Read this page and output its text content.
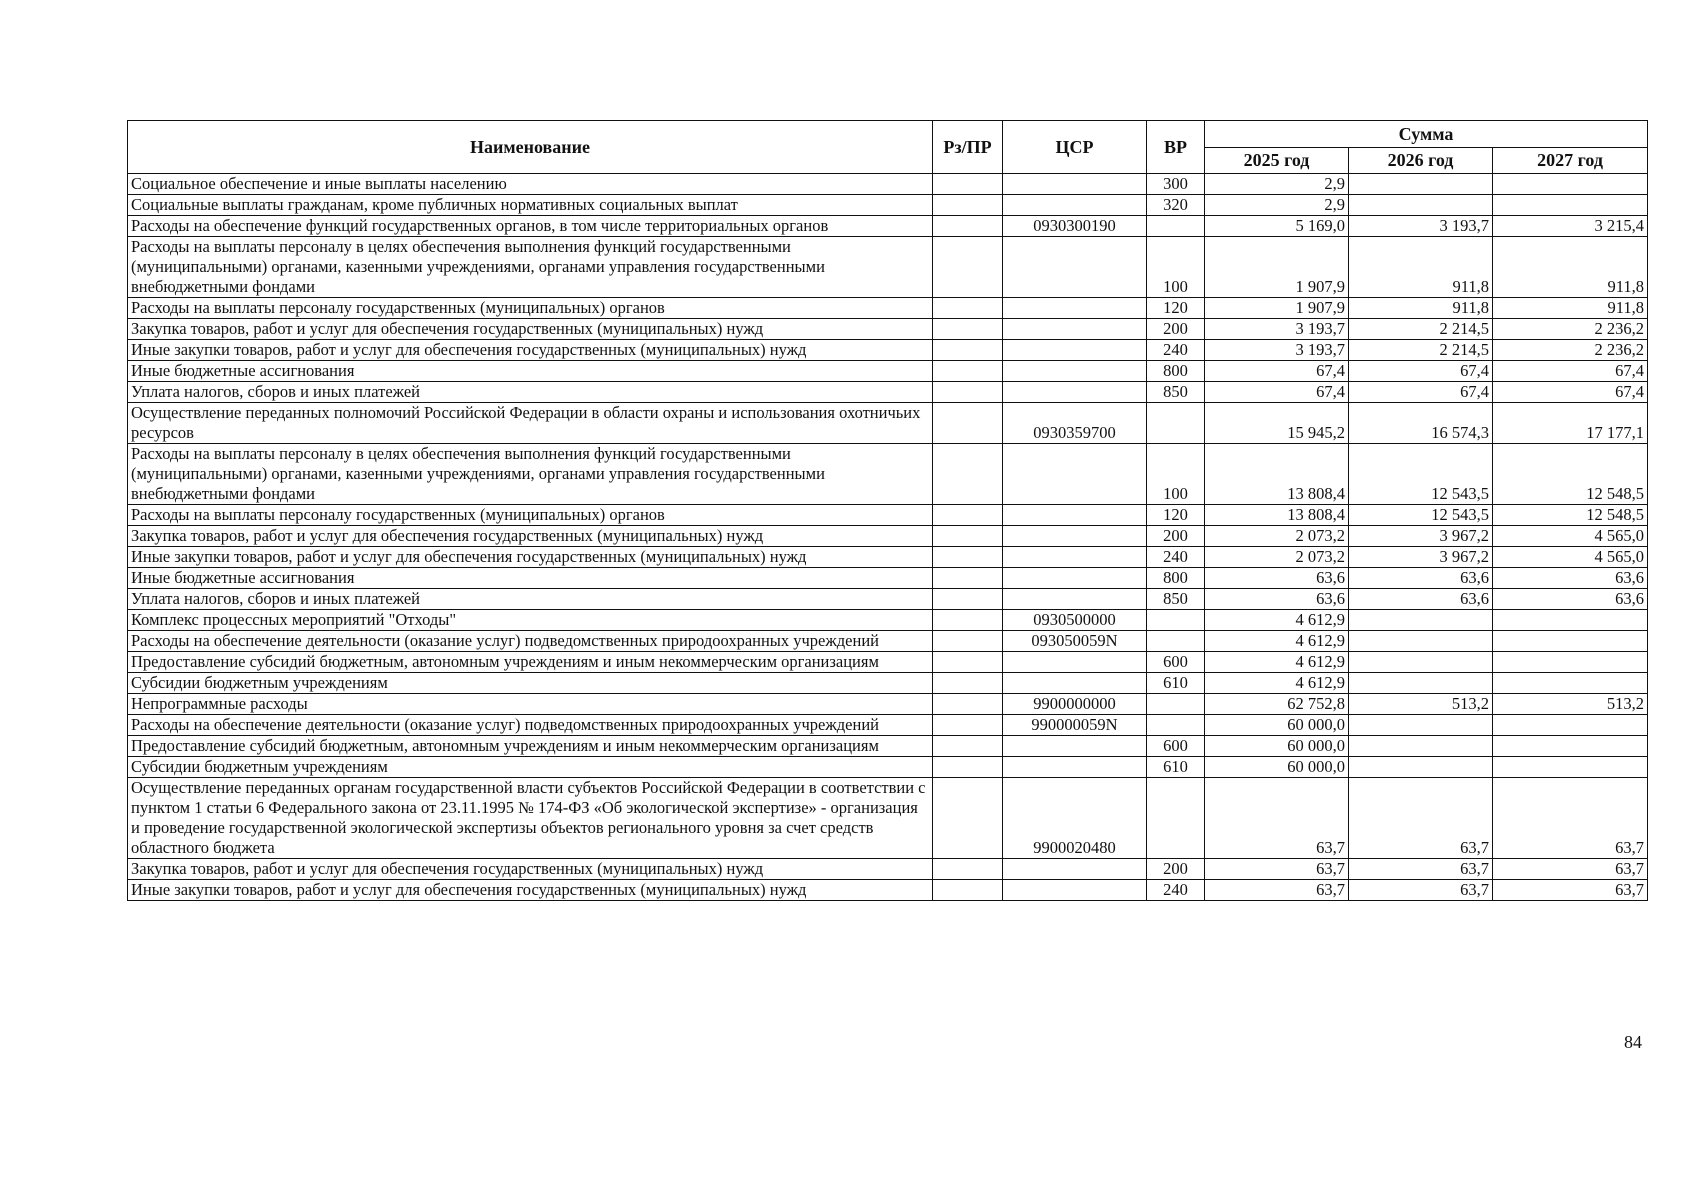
Наименование	Рз/ПР	ЦСР	ВР	Сумма		
				2025 год	2026 год	2027 год
Социальное обеспечение и иные выплаты населению			300	2,9		
Социальные выплаты гражданам, кроме публичных нормативных социальных выплат			320	2,9		
Расходы на обеспечение функций государственных органов, в том числе территориальных органов		0930300190		5 169,0	3 193,7	3 215,4
Расходы на выплаты персоналу в целях обеспечения выполнения функций государственными (муниципальными) органами, казенными учреждениями, органами управления государственными внебюджетными фондами			100	1 907,9	911,8	911,8
Расходы на выплаты персоналу государственных (муниципальных) органов			120	1 907,9	911,8	911,8
Закупка товаров, работ и услуг для обеспечения государственных (муниципальных) нужд			200	3 193,7	2 214,5	2 236,2
Иные закупки товаров, работ и услуг для обеспечения государственных (муниципальных) нужд			240	3 193,7	2 214,5	2 236,2
Иные бюджетные ассигнования			800	67,4	67,4	67,4
Уплата налогов, сборов и иных платежей			850	67,4	67,4	67,4
Осуществление переданных полномочий Российской Федерации в области охраны и использования охотничьих ресурсов		0930359700		15 945,2	16 574,3	17 177,1
Расходы на выплаты персоналу в целях обеспечения выполнения функций государственными (муниципальными) органами, казенными учреждениями, органами управления государственными внебюджетными фондами			100	13 808,4	12 543,5	12 548,5
Расходы на выплаты персоналу государственных (муниципальных) органов			120	13 808,4	12 543,5	12 548,5
Закупка товаров, работ и услуг для обеспечения государственных (муниципальных) нужд			200	2 073,2	3 967,2	4 565,0
Иные закупки товаров, работ и услуг для обеспечения государственных (муниципальных) нужд			240	2 073,2	3 967,2	4 565,0
Иные бюджетные ассигнования			800	63,6	63,6	63,6
Уплата налогов, сборов и иных платежей			850	63,6	63,6	63,6
Комплекс процессных мероприятий "Отходы"		0930500000		4 612,9		
Расходы на обеспечение деятельности (оказание услуг) подведомственных природоохранных учреждений		093050059N		4 612,9		
Предоставление субсидий бюджетным, автономным учреждениям и иным некоммерческим организациям			600	4 612,9		
Субсидии бюджетным учреждениям			610	4 612,9		
Непрограммные расходы		9900000000		62 752,8	513,2	513,2
Расходы на обеспечение деятельности (оказание услуг) подведомственных природоохранных учреждений		990000059N		60 000,0		
Предоставление субсидий бюджетным, автономным учреждениям и иным некоммерческим организациям			600	60 000,0		
Субсидии бюджетным учреждениям			610	60 000,0		
Осуществление переданных органам государственной власти субъектов Российской Федерации в соответствии с пунктом 1 статьи 6 Федерального закона от 23.11.1995 № 174-ФЗ «Об экологической экспертизе» - организация и проведение государственной экологической экспертизы объектов регионального уровня за счет средств областного бюджета		9900020480		63,7	63,7	63,7
Закупка товаров, работ и услуг для обеспечения государственных (муниципальных) нужд			200	63,7	63,7	63,7
Иные закупки товаров, работ и услуг для обеспечения государственных (муниципальных) нужд			240	63,7	63,7	63,7
84
